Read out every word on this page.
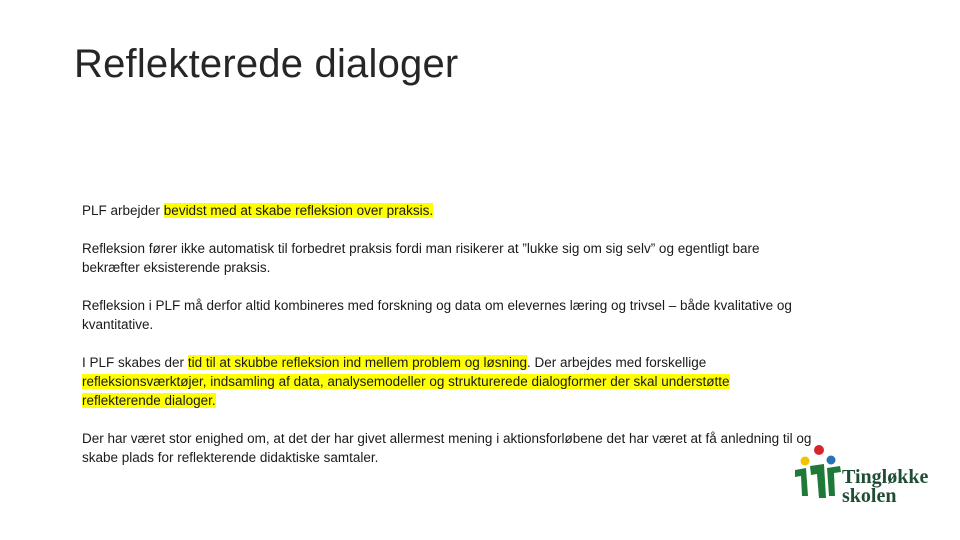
Reflekterede dialoger

PLF arbejder bevidst med at skabe refleksion over praksis.

Refleksion fører ikke automatisk til forbedret praksis fordi man risikerer at ”lukke sig om sig selv” og egentligt bare bekræfter eksisterende praksis.

Refleksion i PLF må derfor altid kombineres med forskning og data om elevernes læring og trivsel – både kvalitative og kvantitative.

I PLF skabes der tid til at skubbe refleksion ind mellem problem og løsning. Der arbejdes med forskellige refleksionsværktøjer, indsamling af data, analysemodeller og strukturerede dialogformer der skal understøtte reflekterende dialoger.

Der har været stor enighed om, at det der har givet allermest mening i aktionsforløbene det har været at få anledning til og skabe plads for reflekterende didaktiske samtaler.

Tingløkke
skolen
